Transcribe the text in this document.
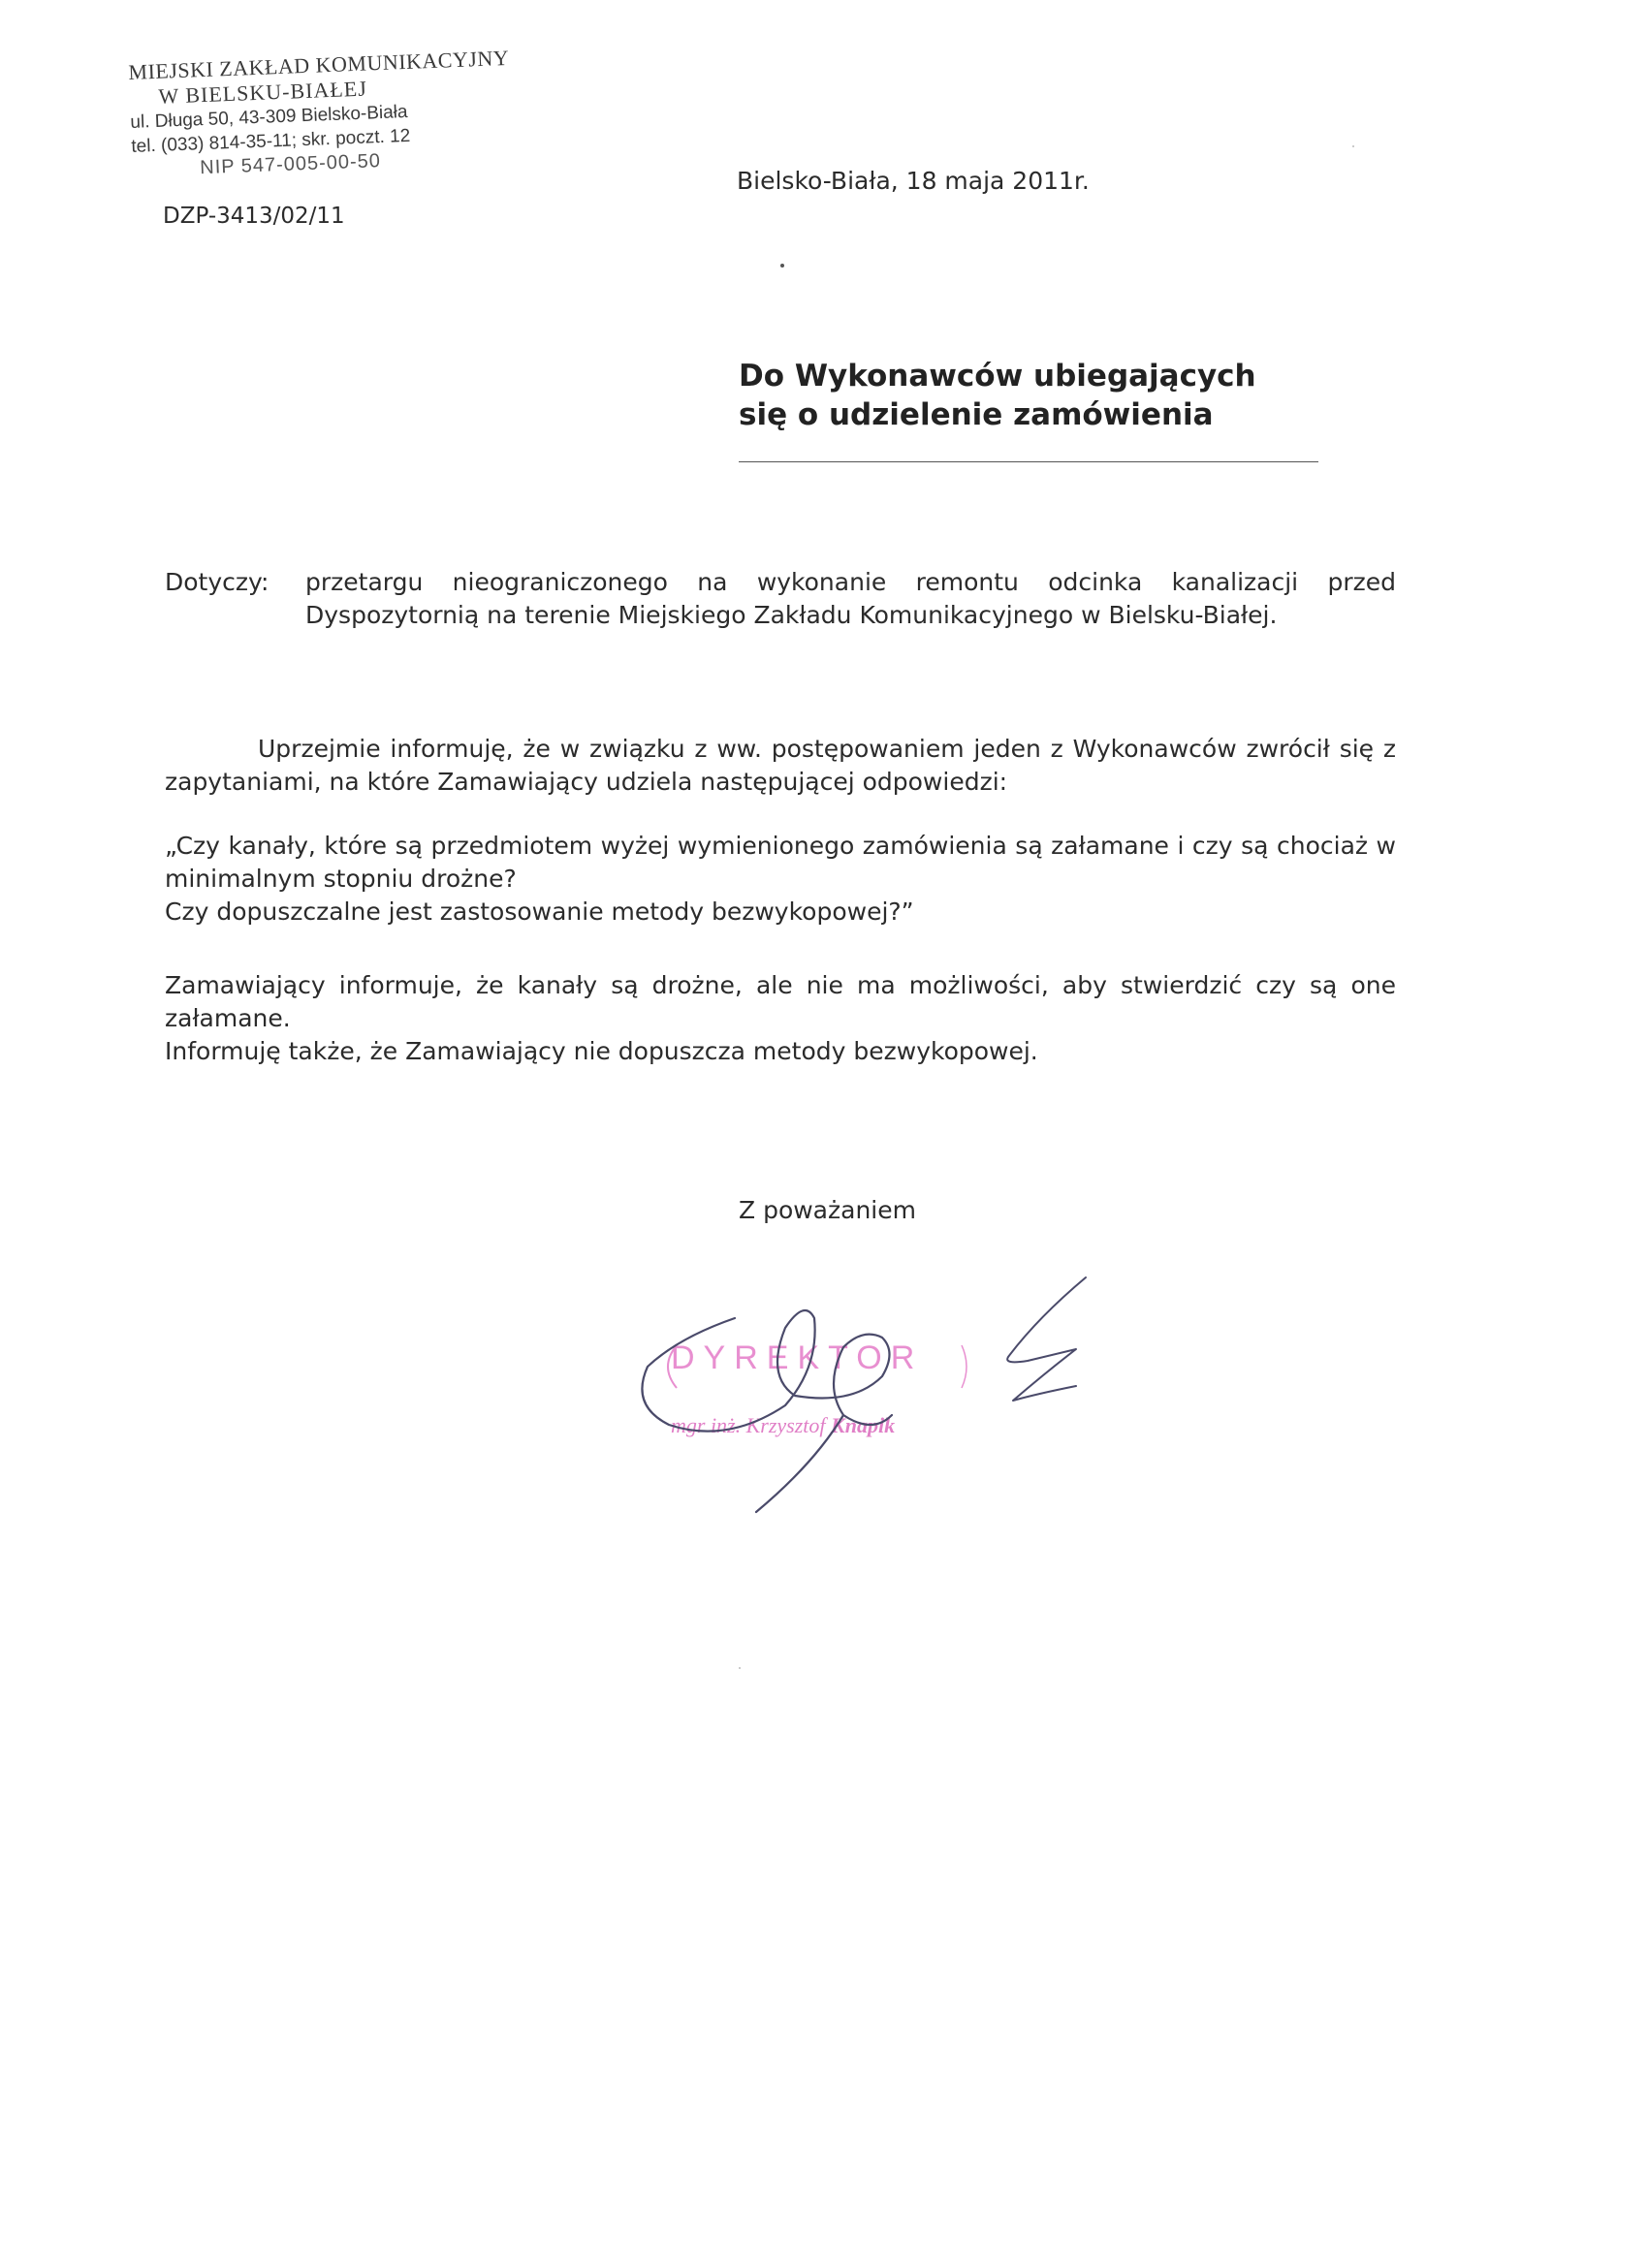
MIEJSKI ZAKŁAD KOMUNIKACYJNY
W BIELSKU-BIAŁEJ
ul. Długa 50, 43-309 Bielsko-Biała
tel. (033) 814-35-11; skr. poczt. 12
NIP 547-005-00-50
DZP-3413/02/11
Bielsko-Biała, 18 maja 2011r.
Do Wykonawców ubiegających
się o udzielenie zamówienia
Dotyczy: przetargu nieograniczonego na wykonanie remontu odcinka kanalizacji przed Dyspozytornią na terenie Miejskiego Zakładu Komunikacyjnego w Bielsku-Białej.
Uprzejmie informuję, że w związku z ww. postępowaniem jeden z Wykonawców zwrócił się z zapytaniami, na które Zamawiający udziela następującej odpowiedzi:
„Czy kanały, które są przedmiotem wyżej wymienionego zamówienia są załamane i czy są chociaż w minimalnym stopniu drożne?
Czy dopuszczalne jest zastosowanie metody bezwykopowej?”
Zamawiający informuje, że kanały są drożne, ale nie ma możliwości, aby stwierdzić czy są one załamane.
Informuję także, że Zamawiający nie dopuszcza metody bezwykopowej.
Z poważaniem
DYREKTOR
mgr inż. Krzysztof Knapik
